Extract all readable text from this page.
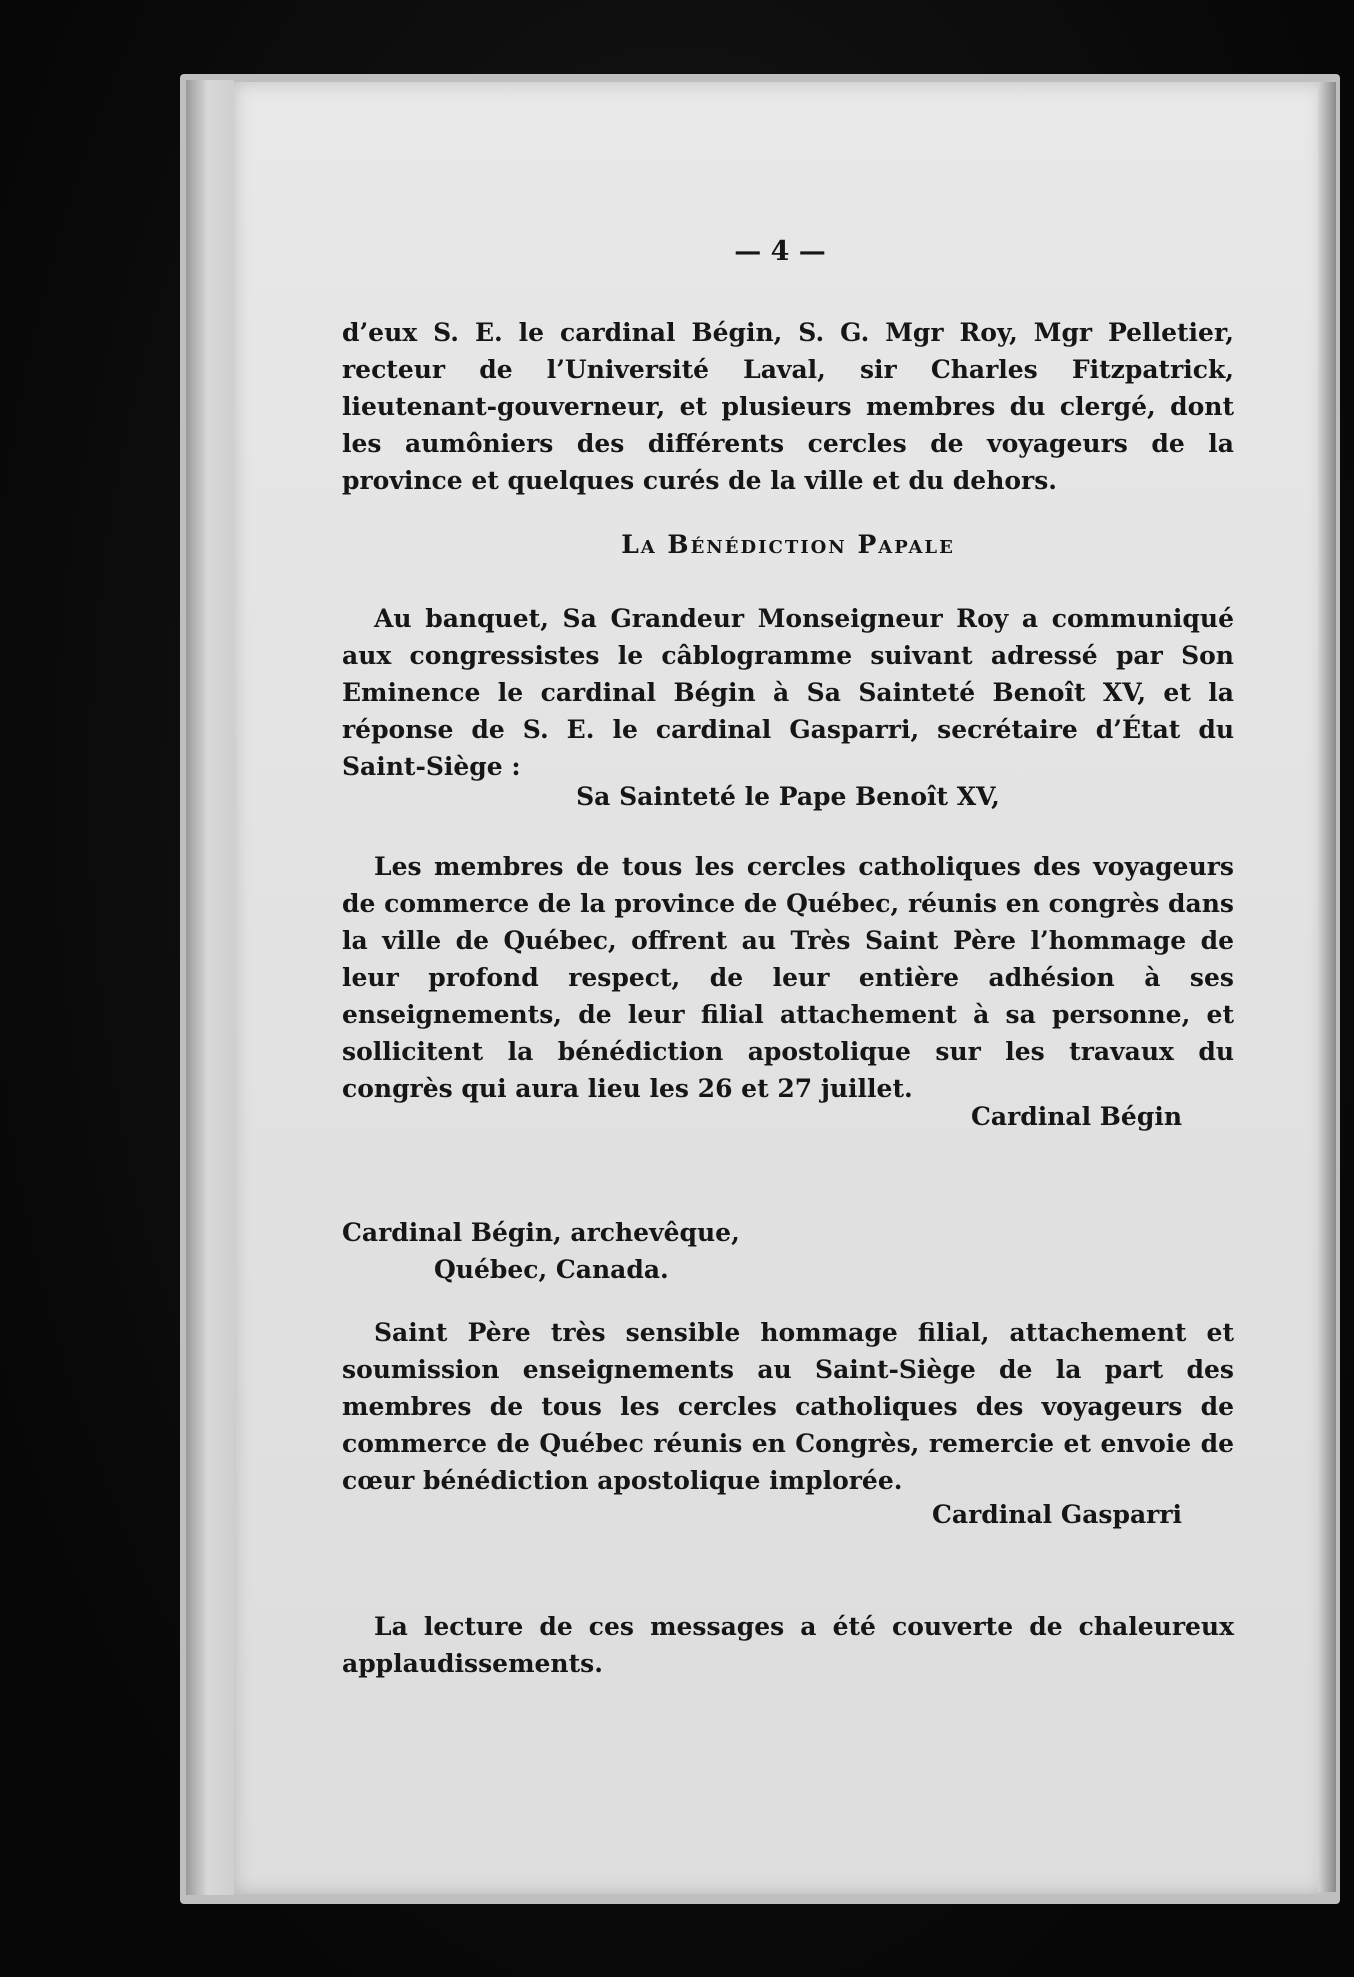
— 4 —

d’eux S. E. le cardinal Bégin, S. G. Mgr Roy, Mgr Pelletier, recteur de l’Université Laval, sir Charles Fitzpatrick, lieutenant-gouverneur, et plusieurs membres du clergé, dont les aumôniers des différents cercles de voyageurs de la province et quelques curés de la ville et du dehors.

La Bénédiction Papale

Au banquet, Sa Grandeur Monseigneur Roy a communiqué aux congressistes le câblogramme suivant adressé par Son Eminence le cardinal Bégin à Sa Sainteté Benoît XV, et la réponse de S. E. le cardinal Gasparri, secrétaire d’État du Saint-Siège :

Sa Sainteté le Pape Benoît XV,

Les membres de tous les cercles catholiques des voyageurs de commerce de la province de Québec, réunis en congrès dans la ville de Québec, offrent au Très Saint Père l’hommage de leur profond respect, de leur entière adhésion à ses enseignements, de leur filial attachement à sa personne, et sollicitent la bénédiction apostolique sur les travaux du congrès qui aura lieu les 26 et 27 juillet.

Cardinal Bégin
Cardinal Bégin, archevêque,
Québec, Canada.

Saint Père très sensible hommage filial, attachement et soumission enseignements au Saint-Siège de la part des membres de tous les cercles catholiques des voyageurs de commerce de Québec réunis en Congrès, remercie et envoie de cœur bénédiction apostolique implorée.

Cardinal Gasparri

La lecture de ces messages a été couverte de chaleureux applaudissements.
